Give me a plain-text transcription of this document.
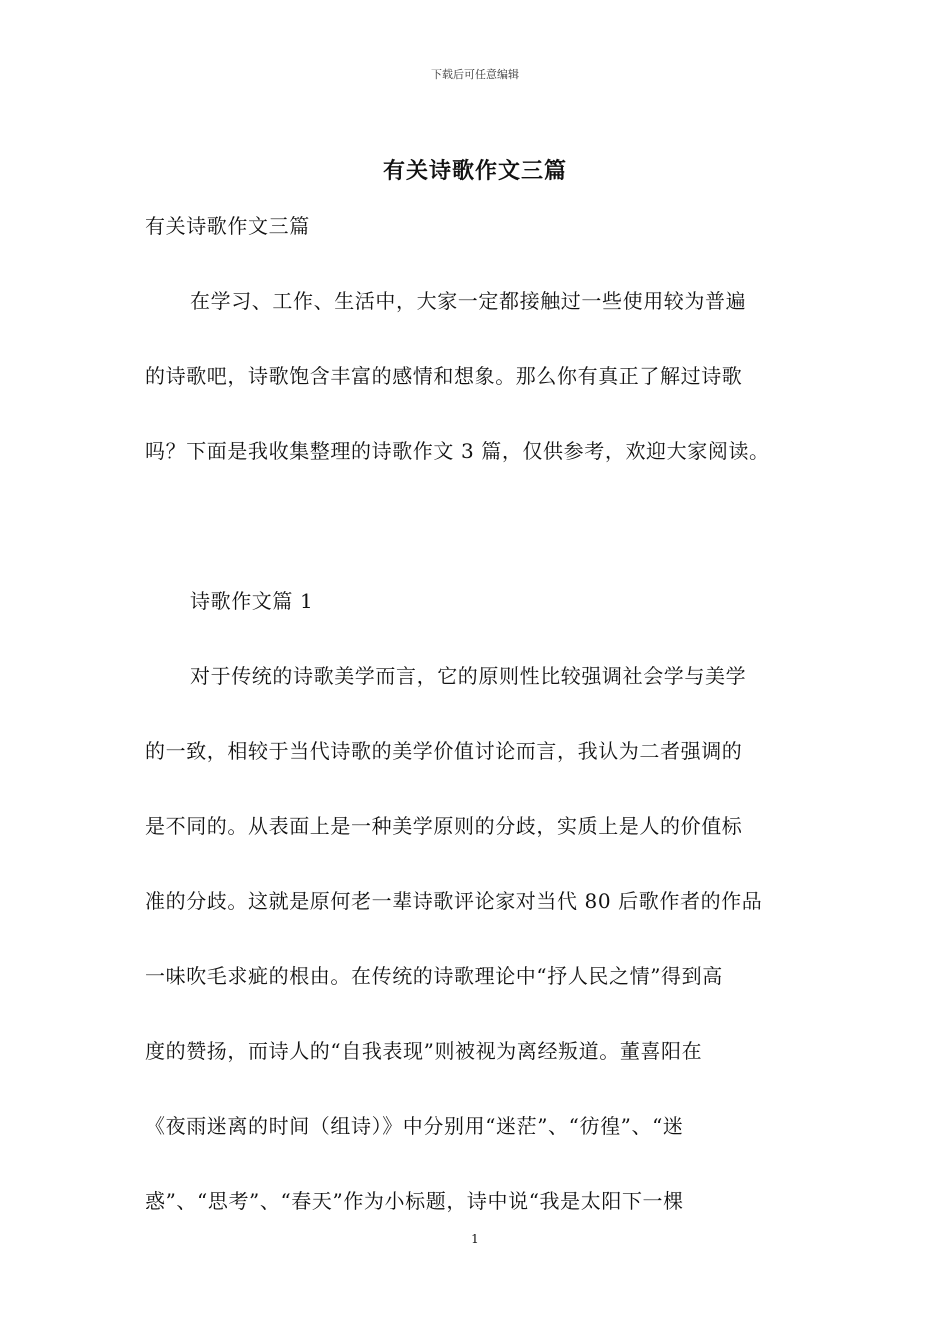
下载后可任意编辑
有关诗歌作文三篇
有关诗歌作文三篇
在学习、工作、生活中，大家一定都接触过一些使用较为普遍
的诗歌吧，诗歌饱含丰富的感情和想象。那么你有真正了解过诗歌
吗？下面是我收集整理的诗歌作文 3 篇，仅供参考，欢迎大家阅读。
诗歌作文篇 1
对于传统的诗歌美学而言，它的原则性比较强调社会学与美学
的一致，相较于当代诗歌的美学价值讨论而言，我认为二者强调的
是不同的。从表面上是一种美学原则的分歧，实质上是人的价值标
准的分歧。这就是原何老一辈诗歌评论家对当代 80 后歌作者的作品
一味吹毛求疵的根由。在传统的诗歌理论中“抒人民之情”得到高
度的赞扬，而诗人的“自我表现”则被视为离经叛道。董喜阳在
《夜雨迷离的时间（组诗）》中分别用“迷茫”、“彷徨”、“迷
惑”、“思考”、“春天”作为小标题，诗中说“我是太阳下一棵
1
